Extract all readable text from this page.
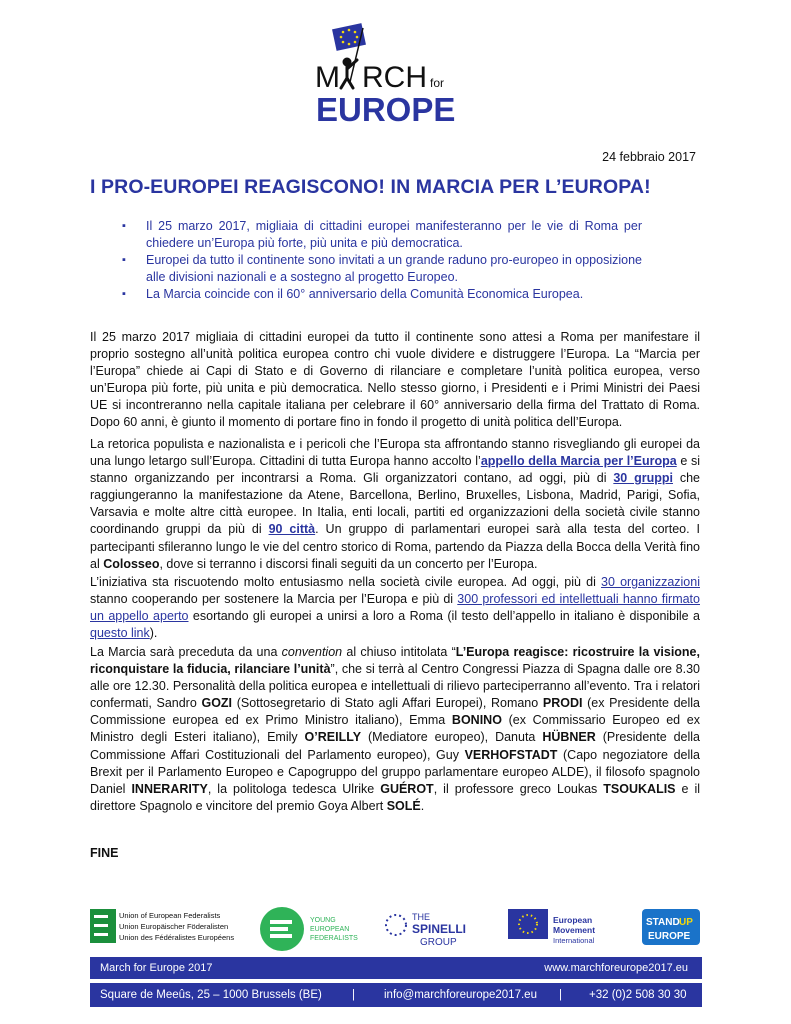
M RCH for
EUROPE
24 febbraio 2017
I PRO-EUROPEI REAGISCONO! IN MARCIA PER L’EUROPA!
▪ Il 25 marzo 2017, migliaia di cittadini europei manifesteranno per le vie di Roma per chiedere un’Europa più forte, più unita e più democratica.
▪ Europei da tutto il continente sono invitati a un grande raduno pro-europeo in opposizione alle divisioni nazionali e a sostegno al progetto Europeo.
▪ La Marcia coincide con il 60° anniversario della Comunità Economica Europea.

Il 25 marzo 2017 migliaia di cittadini europei da tutto il continente sono attesi a Roma per manifestare il proprio sostegno all’unità politica europea contro chi vuole dividere e distruggere l’Europa. La “Marcia per l’Europa” chiede ai Capi di Stato e di Governo di rilanciare e completare l’unità politica europea, verso un’Europa più forte, più unita e più democratica. Nello stesso giorno, i Presidenti e i Primi Ministri dei Paesi UE si incontreranno nella capitale italiana per celebrare il 60° anniversario della firma del Trattato di Roma. Dopo 60 anni, è giunto il momento di portare fino in fondo il progetto di unità politica dell’Europa.

La retorica populista e nazionalista e i pericoli che l’Europa sta affrontando stanno risvegliando gli europei da una lungo letargo sull’Europa. Cittadini di tutta Europa hanno accolto l’appello della Marcia per l’Europa e si stanno organizzando per incontrarsi a Roma. Gli organizzatori contano, ad oggi, più di 30 gruppi che raggiungeranno la manifestazione da Atene, Barcellona, Berlino, Bruxelles, Lisbona, Madrid, Parigi, Sofia, Varsavia e molte altre città europee. In Italia, enti locali, partiti ed organizzazioni della società civile stanno coordinando gruppi da più di 90 città. Un gruppo di parlamentari europei sarà alla testa del corteo. I partecipanti sfileranno lungo le vie del centro storico di Roma, partendo da Piazza della Bocca della Verità fino al Colosseo, dove si terranno i discorsi finali seguiti da un concerto per l’Europa.

L’iniziativa sta riscuotendo molto entusiasmo nella società civile europea. Ad oggi, più di 30 organizzazioni stanno cooperando per sostenere la Marcia per l’Europa e più di 300 professori ed intellettuali hanno firmato un appello aperto esortando gli europei a unirsi a loro a Roma (il testo dell’appello in italiano è disponibile a questo link).

La Marcia sarà preceduta da una convention al chiuso intitolata “L’Europa reagisce: ricostruire la visione, riconquistare la fiducia, rilanciare l’unità”, che si terrà al Centro Congressi Piazza di Spagna dalle ore 8.30 alle ore 12.30. Personalità della politica europea e intellettuali di rilievo parteciperranno all’evento. Tra i relatori confermati, Sandro GOZI (Sottosegretario di Stato agli Affari Europei), Romano PRODI (ex Presidente della Commissione europea ed ex Primo Ministro italiano), Emma BONINO (ex Commissario Europeo ed ex Ministro degli Esteri italiano), Emily O’REILLY (Mediatore europeo), Danuta HÜBNER (Presidente della Commissione Affari Costituzionali del Parlamento europeo), Guy VERHOFSTADT (Capo negoziatore della Brexit per il Parlamento Europeo e Capogruppo del gruppo parlamentare europeo ALDE), il filosofo spagnolo Daniel INNERARITY, la politologa tedesca Ulrike GUÉROT, il professore greco Loukas TSOUKALIS e il direttore Spagnolo e vincitore del premio Goya Albert SOLÉ.

FINE
Union of European Federalists
Union Europäischer Föderalisten
Union des Fédéralistes Européens
YOUNG
EUROPEAN
FEDERALISTS
THE
SPINELLI
GROUP
European
Movement
International
STAND UP
EUROPE
March for Europe 2017	www.marchforeurope2017.eu
Square de Meeûs, 25 – 1000 Brussels (BE)	|	info@marchforeurope2017.eu | +32 (0)2 508 30 30
